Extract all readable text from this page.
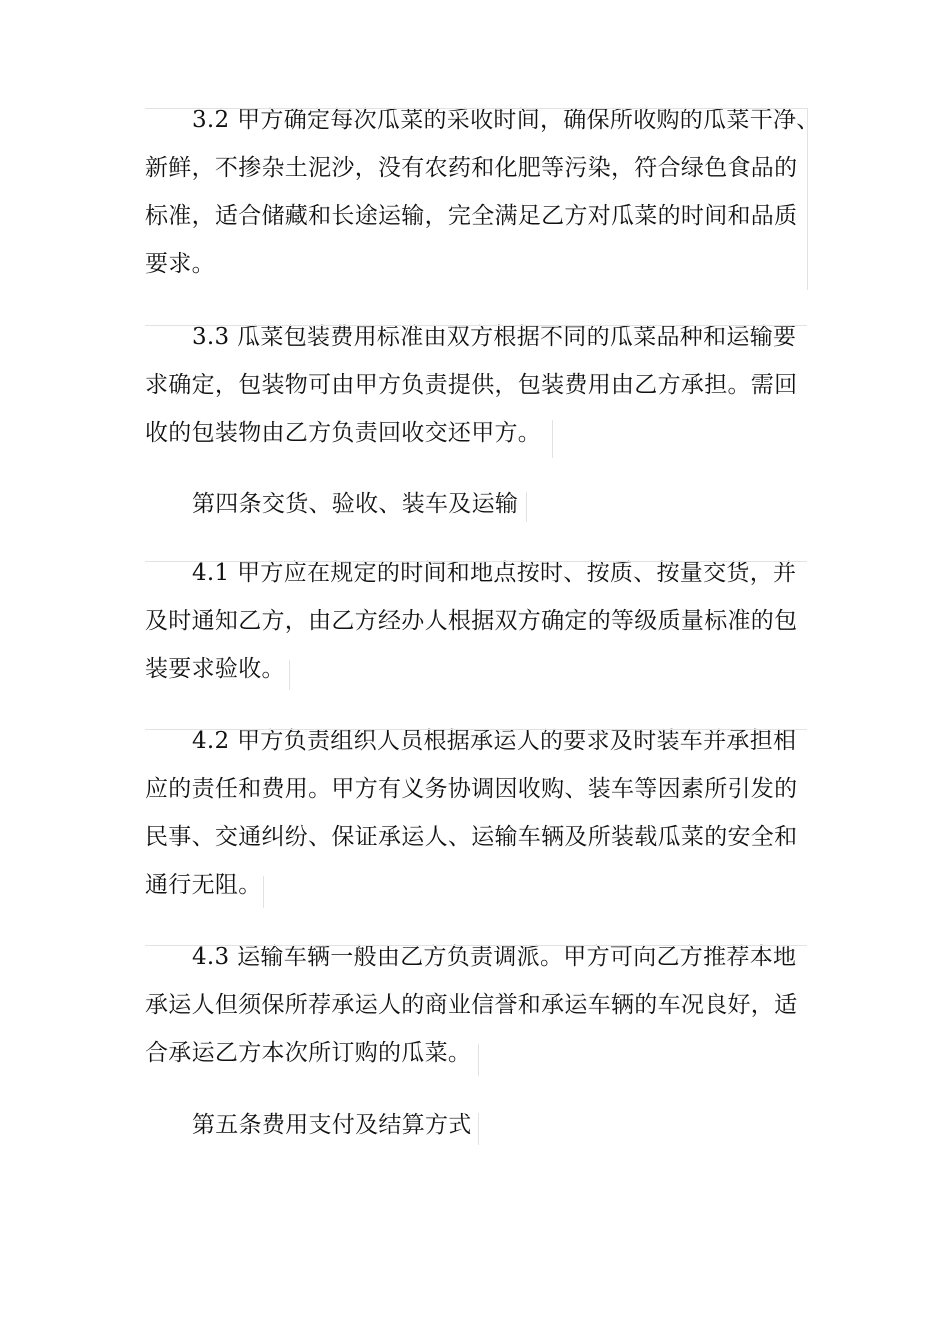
3.2 甲方确定每次瓜菜的采收时间，确保所收购的瓜菜干净、
新鲜，不掺杂土泥沙，没有农药和化肥等污染，符合绿色食品的
标准，适合储藏和长途运输，完全满足乙方对瓜菜的时间和品质
要求。
3.3 瓜菜包装费用标准由双方根据不同的瓜菜品种和运输要
求确定，包装物可由甲方负责提供，包装费用由乙方承担。需回
收的包装物由乙方负责回收交还甲方。
第四条交货、验收、装车及运输
4.1 甲方应在规定的时间和地点按时、按质、按量交货，并
及时通知乙方，由乙方经办人根据双方确定的等级质量标准的包
装要求验收。
4.2 甲方负责组织人员根据承运人的要求及时装车并承担相
应的责任和费用。甲方有义务协调因收购、装车等因素所引发的
民事、交通纠纷、保证承运人、运输车辆及所装载瓜菜的安全和
通行无阻。
4.3 运输车辆一般由乙方负责调派。甲方可向乙方推荐本地
承运人但须保所荐承运人的商业信誉和承运车辆的车况良好，适
合承运乙方本次所订购的瓜菜。
第五条费用支付及结算方式
